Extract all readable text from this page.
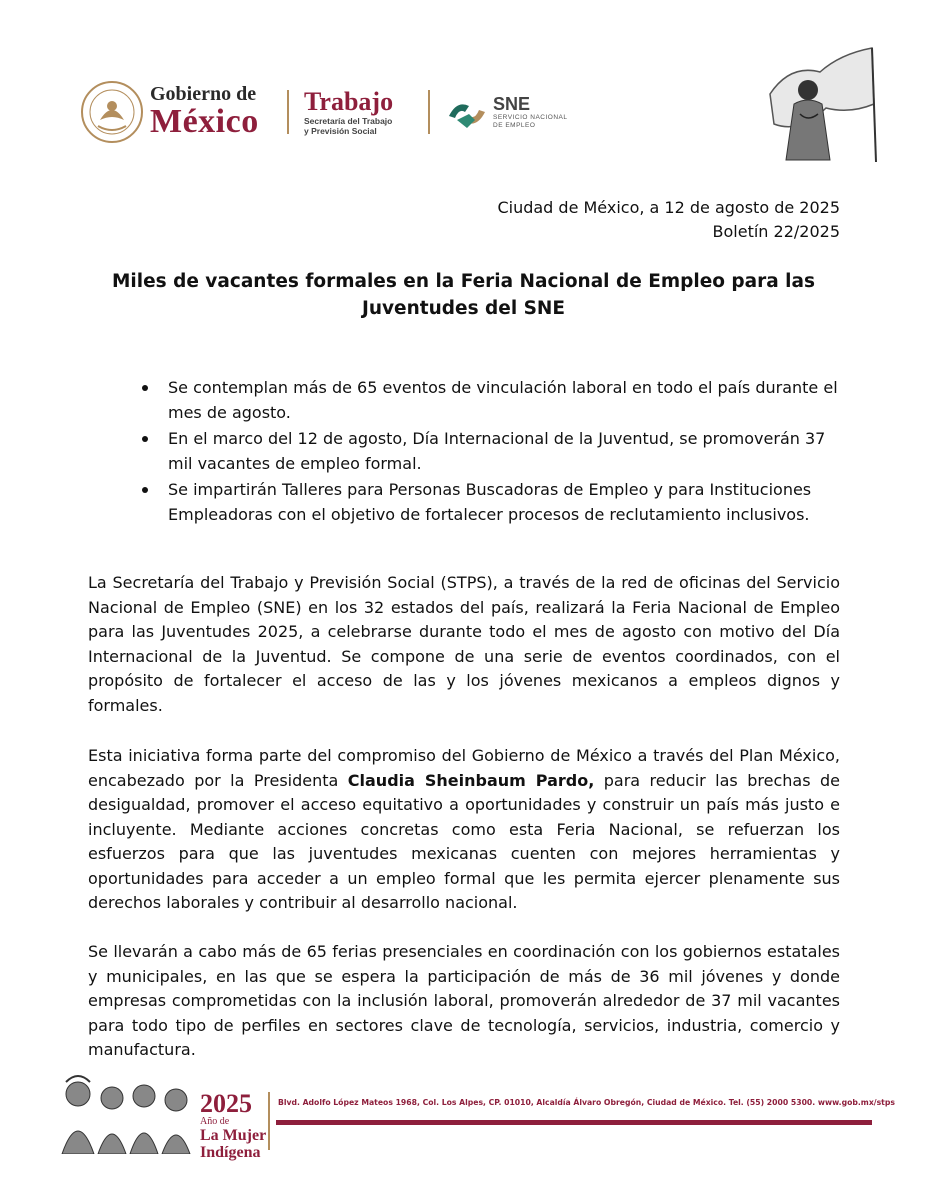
Gobierno de
México
Trabajo
Secretaría del Trabajo
y Previsión Social
SNE
SERVICIO NACIONAL
DE EMPLEO
Ciudad de México, a 12 de agosto de 2025
Boletín 22/2025
Miles de vacantes formales en la Feria Nacional de Empleo para las
Juventudes del SNE
Se contemplan más de 65 eventos de vinculación laboral en todo el país durante el mes de agosto.
En el marco del 12 de agosto, Día Internacional de la Juventud, se promoverán 37 mil vacantes de empleo formal.
Se impartirán Talleres para Personas Buscadoras de Empleo y para Instituciones Empleadoras con el objetivo de fortalecer procesos de reclutamiento inclusivos.

La Secretaría del Trabajo y Previsión Social (STPS), a través de la red de oficinas del Servicio Nacional de Empleo (SNE) en los 32 estados del país, realizará la Feria Nacional de Empleo para las Juventudes 2025, a celebrarse durante todo el mes de agosto con motivo del Día Internacional de la Juventud. Se compone de una serie de eventos coordinados, con el propósito de fortalecer el acceso de las y los jóvenes mexicanos a empleos dignos y formales.

Esta iniciativa forma parte del compromiso del Gobierno de México a través del Plan México, encabezado por la Presidenta Claudia Sheinbaum Pardo, para reducir las brechas de desigualdad, promover el acceso equitativo a oportunidades y construir un país más justo e incluyente. Mediante acciones concretas como esta Feria Nacional, se refuerzan los esfuerzos para que las juventudes mexicanas cuenten con mejores herramientas y oportunidades para acceder a un empleo formal que les permita ejercer plenamente sus derechos laborales y contribuir al desarrollo nacional.

Se llevarán a cabo más de 65 ferias presenciales en coordinación con los gobiernos estatales y municipales, en las que se espera la participación de más de 36 mil jóvenes y donde empresas comprometidas con la inclusión laboral, promoverán alrededor de 37 mil vacantes para todo tipo de perfiles en sectores clave de tecnología, servicios, industria, comercio y manufactura.

2025
Año de
La Mujer
Indígena
Blvd. Adolfo López Mateos 1968, Col. Los Alpes, CP. 01010, Alcaldía Álvaro Obregón, Ciudad de México. Tel. (55) 2000 5300. www.gob.mx/stps
